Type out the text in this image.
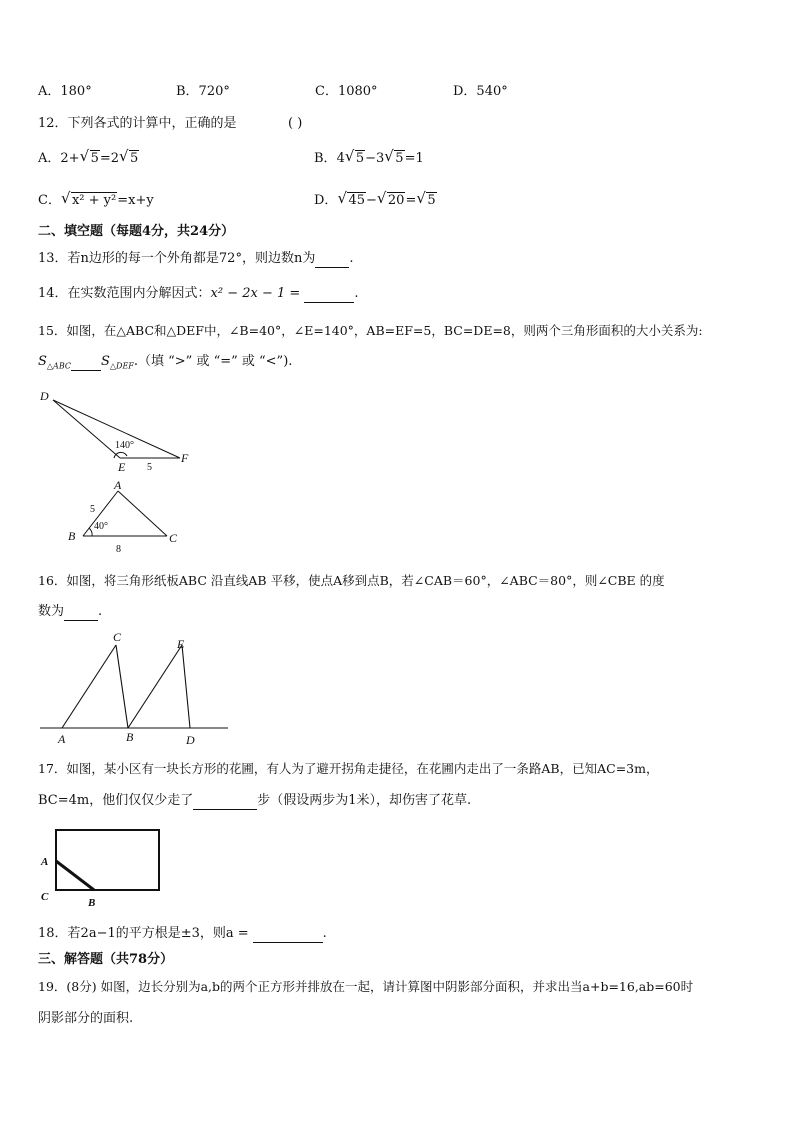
A．180°	B．720°	C．1080°	D．540°
12．下列各式的计算中，正确的是	( )
A．2+ √ 5=2 √ 5	B．4 √ 5−3 √ 5=1
C． √ x² + y²=x+y	D． √ 45− √ 20= √ 5
二、填空题（每题4分，共24分）
13．若n边形的每一个外角都是72°，则边数n为	.
14．在实数范围内分解因式：x² − 2x − 1 =	.
15．如图，在△ABC和△DEF中，∠B=40°，∠E=140°，AB=EF=5，BC=DE=8，则两个三角形面积的大小关系为:
$S_{\triangle ABC}$ $S_{\triangle DEF}$.（填 “>” 或 “=” 或 “<”).
D
E
F
140°
5
A
B	C
40°
5
8
16．如图，将三角形纸板ABC 沿直线AB 平移，使点A移到点B，若∠CAB＝60°，∠ABC＝80°，则∠CBE 的度
数为	.
C	E
A	B	D
17．如图，某小区有一块长方形的花圃，有人为了避开拐角走捷径，在花圃内走出了一条路AB，已知AC=3m，
BC=4m，他们仅仅少走了	步（假设两步为1米），却伤害了花草.
A
C	B
18．若2a−1的平方根是±3，则a =	.
三、解答题（共78分）
19．(8分) 如图，边长分别为a,b的两个正方形并排放在一起，请计算图中阴影部分面积，并求出当a+b=16,ab=60时
阴影部分的面积.
